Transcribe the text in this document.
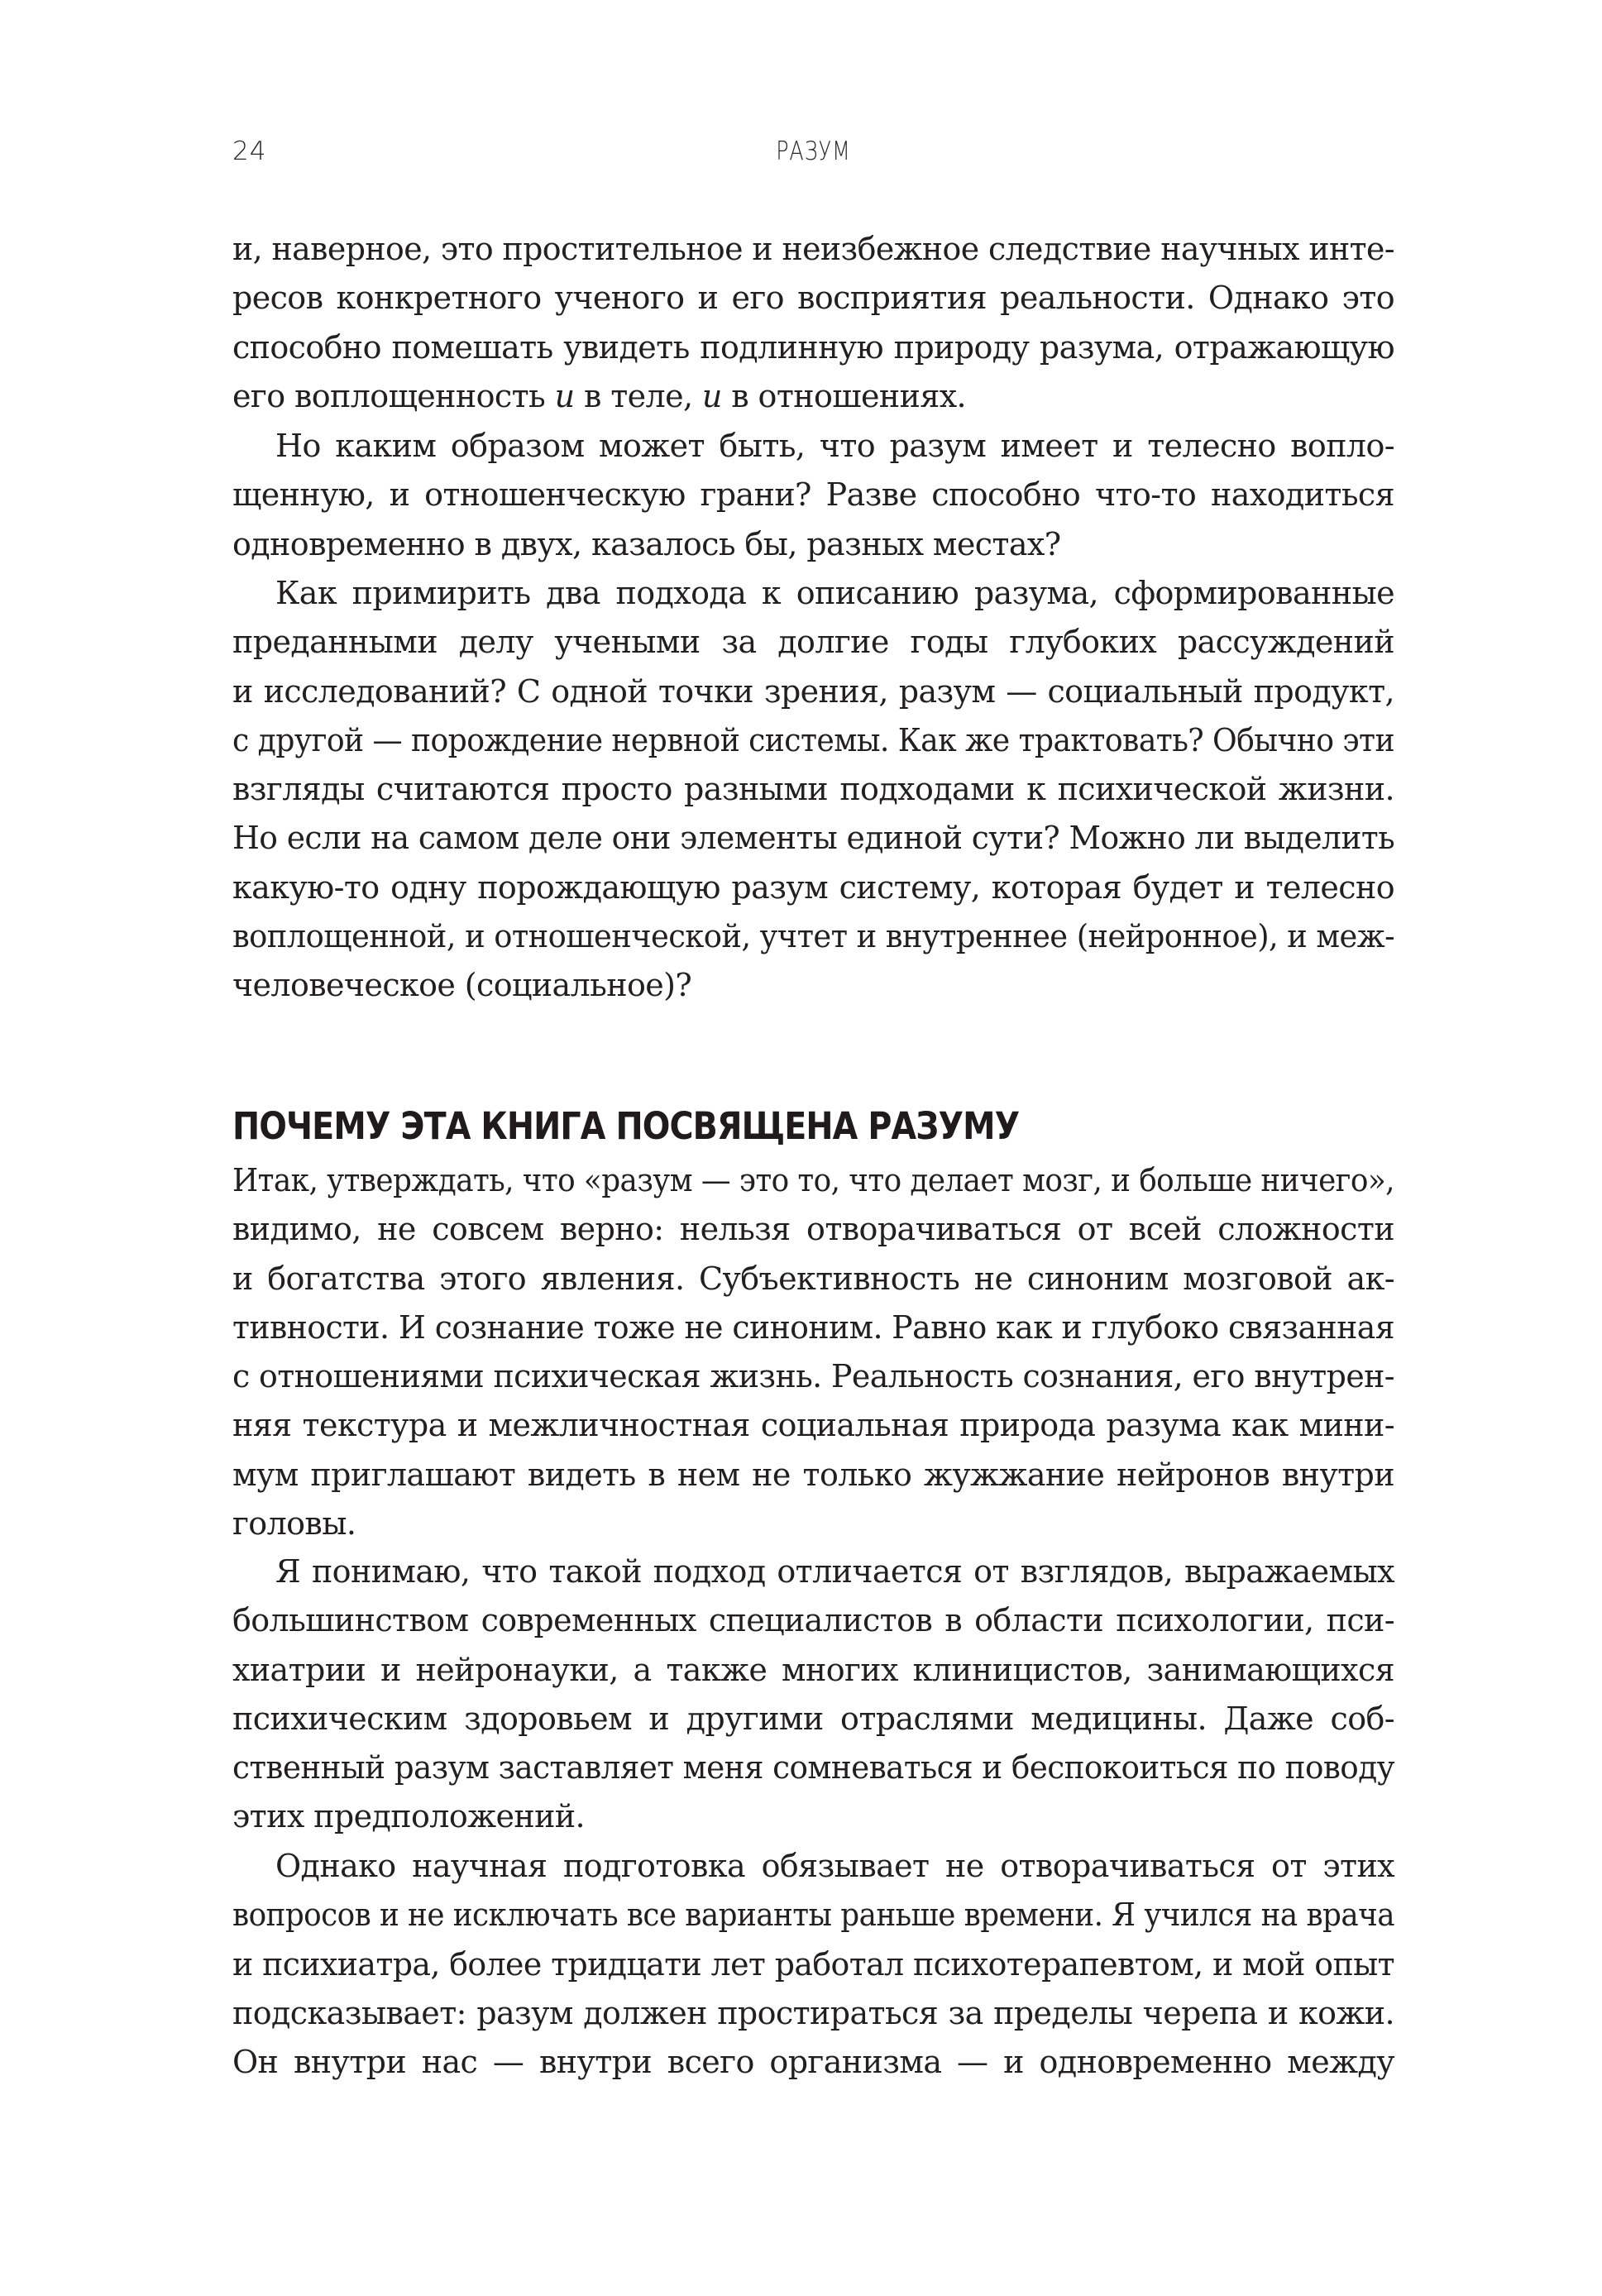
24	РАЗУМ
и, наверное, это простительное и неизбежное следствие научных инте-
ресов конкретного ученого и его восприятия реальности. Однако это
способно помешать увидеть подлинную природу разума, отражающую
его воплощенность и в теле, и в отношениях.
Но каким образом может быть, что разум имеет и телесно вопло-
щенную, и отношенческую грани? Разве способно что-то находиться
одновременно в двух, казалось бы, разных местах?
Как примирить два подхода к описанию разума, сформированные
преданными делу учеными за долгие годы глубоких рассуждений
и исследований? С одной точки зрения, разум — социальный продукт,
с другой — порождение нервной системы. Как же трактовать? Обычно эти
взгляды считаются просто разными подходами к психической жизни.
Но если на самом деле они элементы единой сути? Можно ли выделить
какую-то одну порождающую разум систему, которая будет и телесно
воплощенной, и отношенческой, учтет и внутреннее (нейронное), и меж-
человеческое (социальное)?
ПОЧЕМУ ЭТА КНИГА ПОСВЯЩЕНА РАЗУМУ
Итак, утверждать, что «разум — это то, что делает мозг, и больше ничего»,
видимо, не совсем верно: нельзя отворачиваться от всей сложности
и богатства этого явления. Субъективность не синоним мозговой ак-
тивности. И сознание тоже не синоним. Равно как и глубоко связанная
с отношениями психическая жизнь. Реальность сознания, его внутрен-
няя текстура и межличностная социальная природа разума как мини-
мум приглашают видеть в нем не только жужжание нейронов внутри
головы.
Я понимаю, что такой подход отличается от взглядов, выражаемых
большинством современных специалистов в области психологии, пси-
хиатрии и нейронауки, а также многих клиницистов, занимающихся
психическим здоровьем и другими отраслями медицины. Даже соб-
ственный разум заставляет меня сомневаться и беспокоиться по поводу
этих предположений.
Однако научная подготовка обязывает не отворачиваться от этих
вопросов и не исключать все варианты раньше времени. Я учился на врача
и психиатра, более тридцати лет работал психотерапевтом, и мой опыт
подсказывает: разум должен простираться за пределы черепа и кожи.
Он внутри нас — внутри всего организма — и одновременно между
